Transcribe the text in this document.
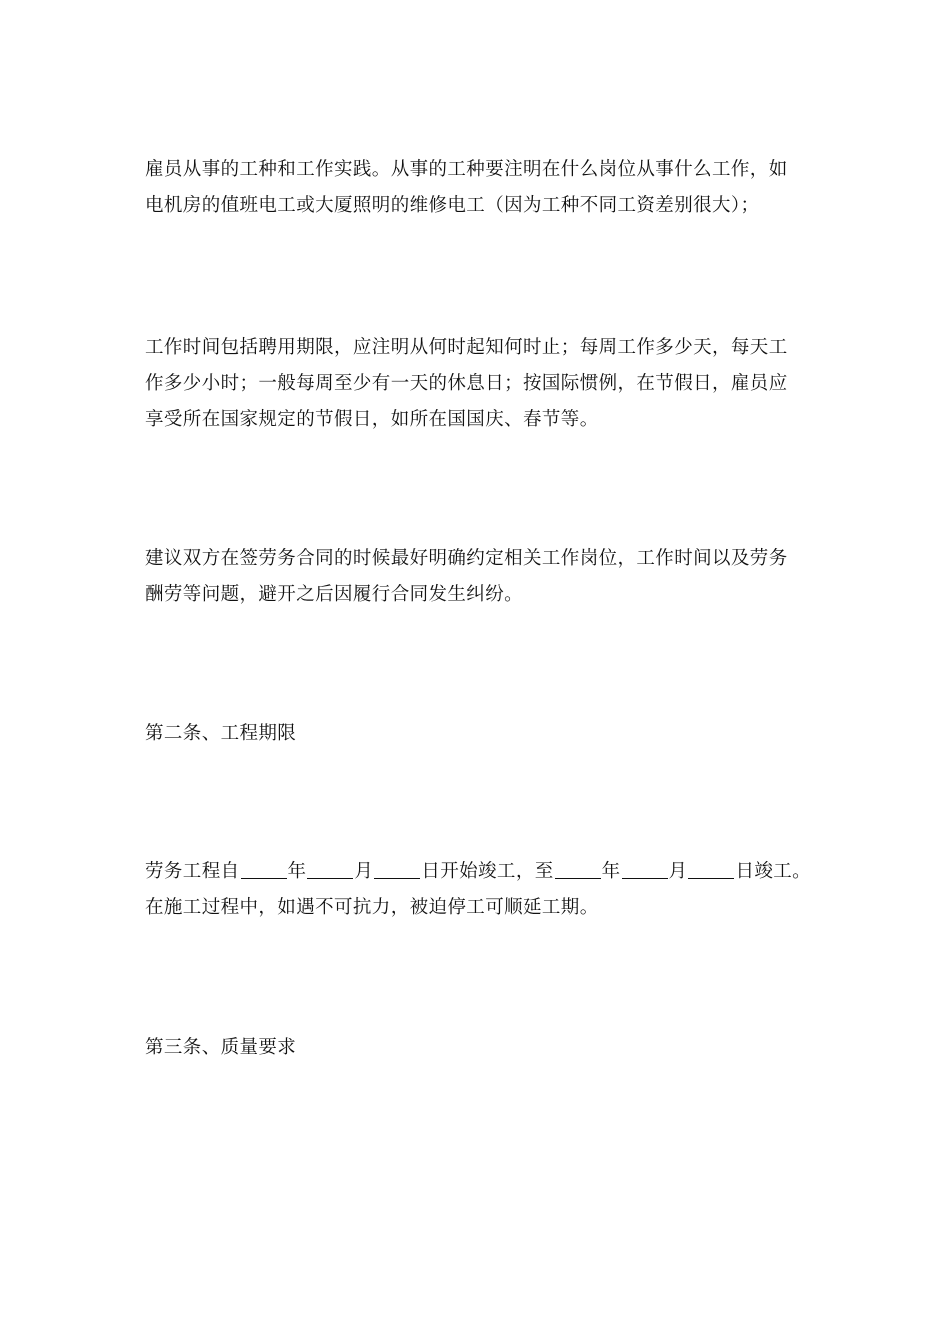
雇员从事的工种和工作实践。从事的工种要注明在什么岗位从事什么工作，如
电机房的值班电工或大厦照明的维修电工（因为工种不同工资差别很大）；

工作时间包括聘用期限，应注明从何时起知何时止；每周工作多少天，每天工
作多少小时；一般每周至少有一天的休息日；按国际惯例，在节假日，雇员应
享受所在国家规定的节假日，如所在国国庆、春节等。

建议双方在签劳务合同的时候最好明确约定相关工作岗位，工作时间以及劳务
酬劳等问题，避开之后因履行合同发生纠纷。

第二条、工程期限

劳务工程自	年	月	日开始竣工，至	年	月	日竣工。
在施工过程中，如遇不可抗力，被迫停工可顺延工期。

第三条、质量要求
